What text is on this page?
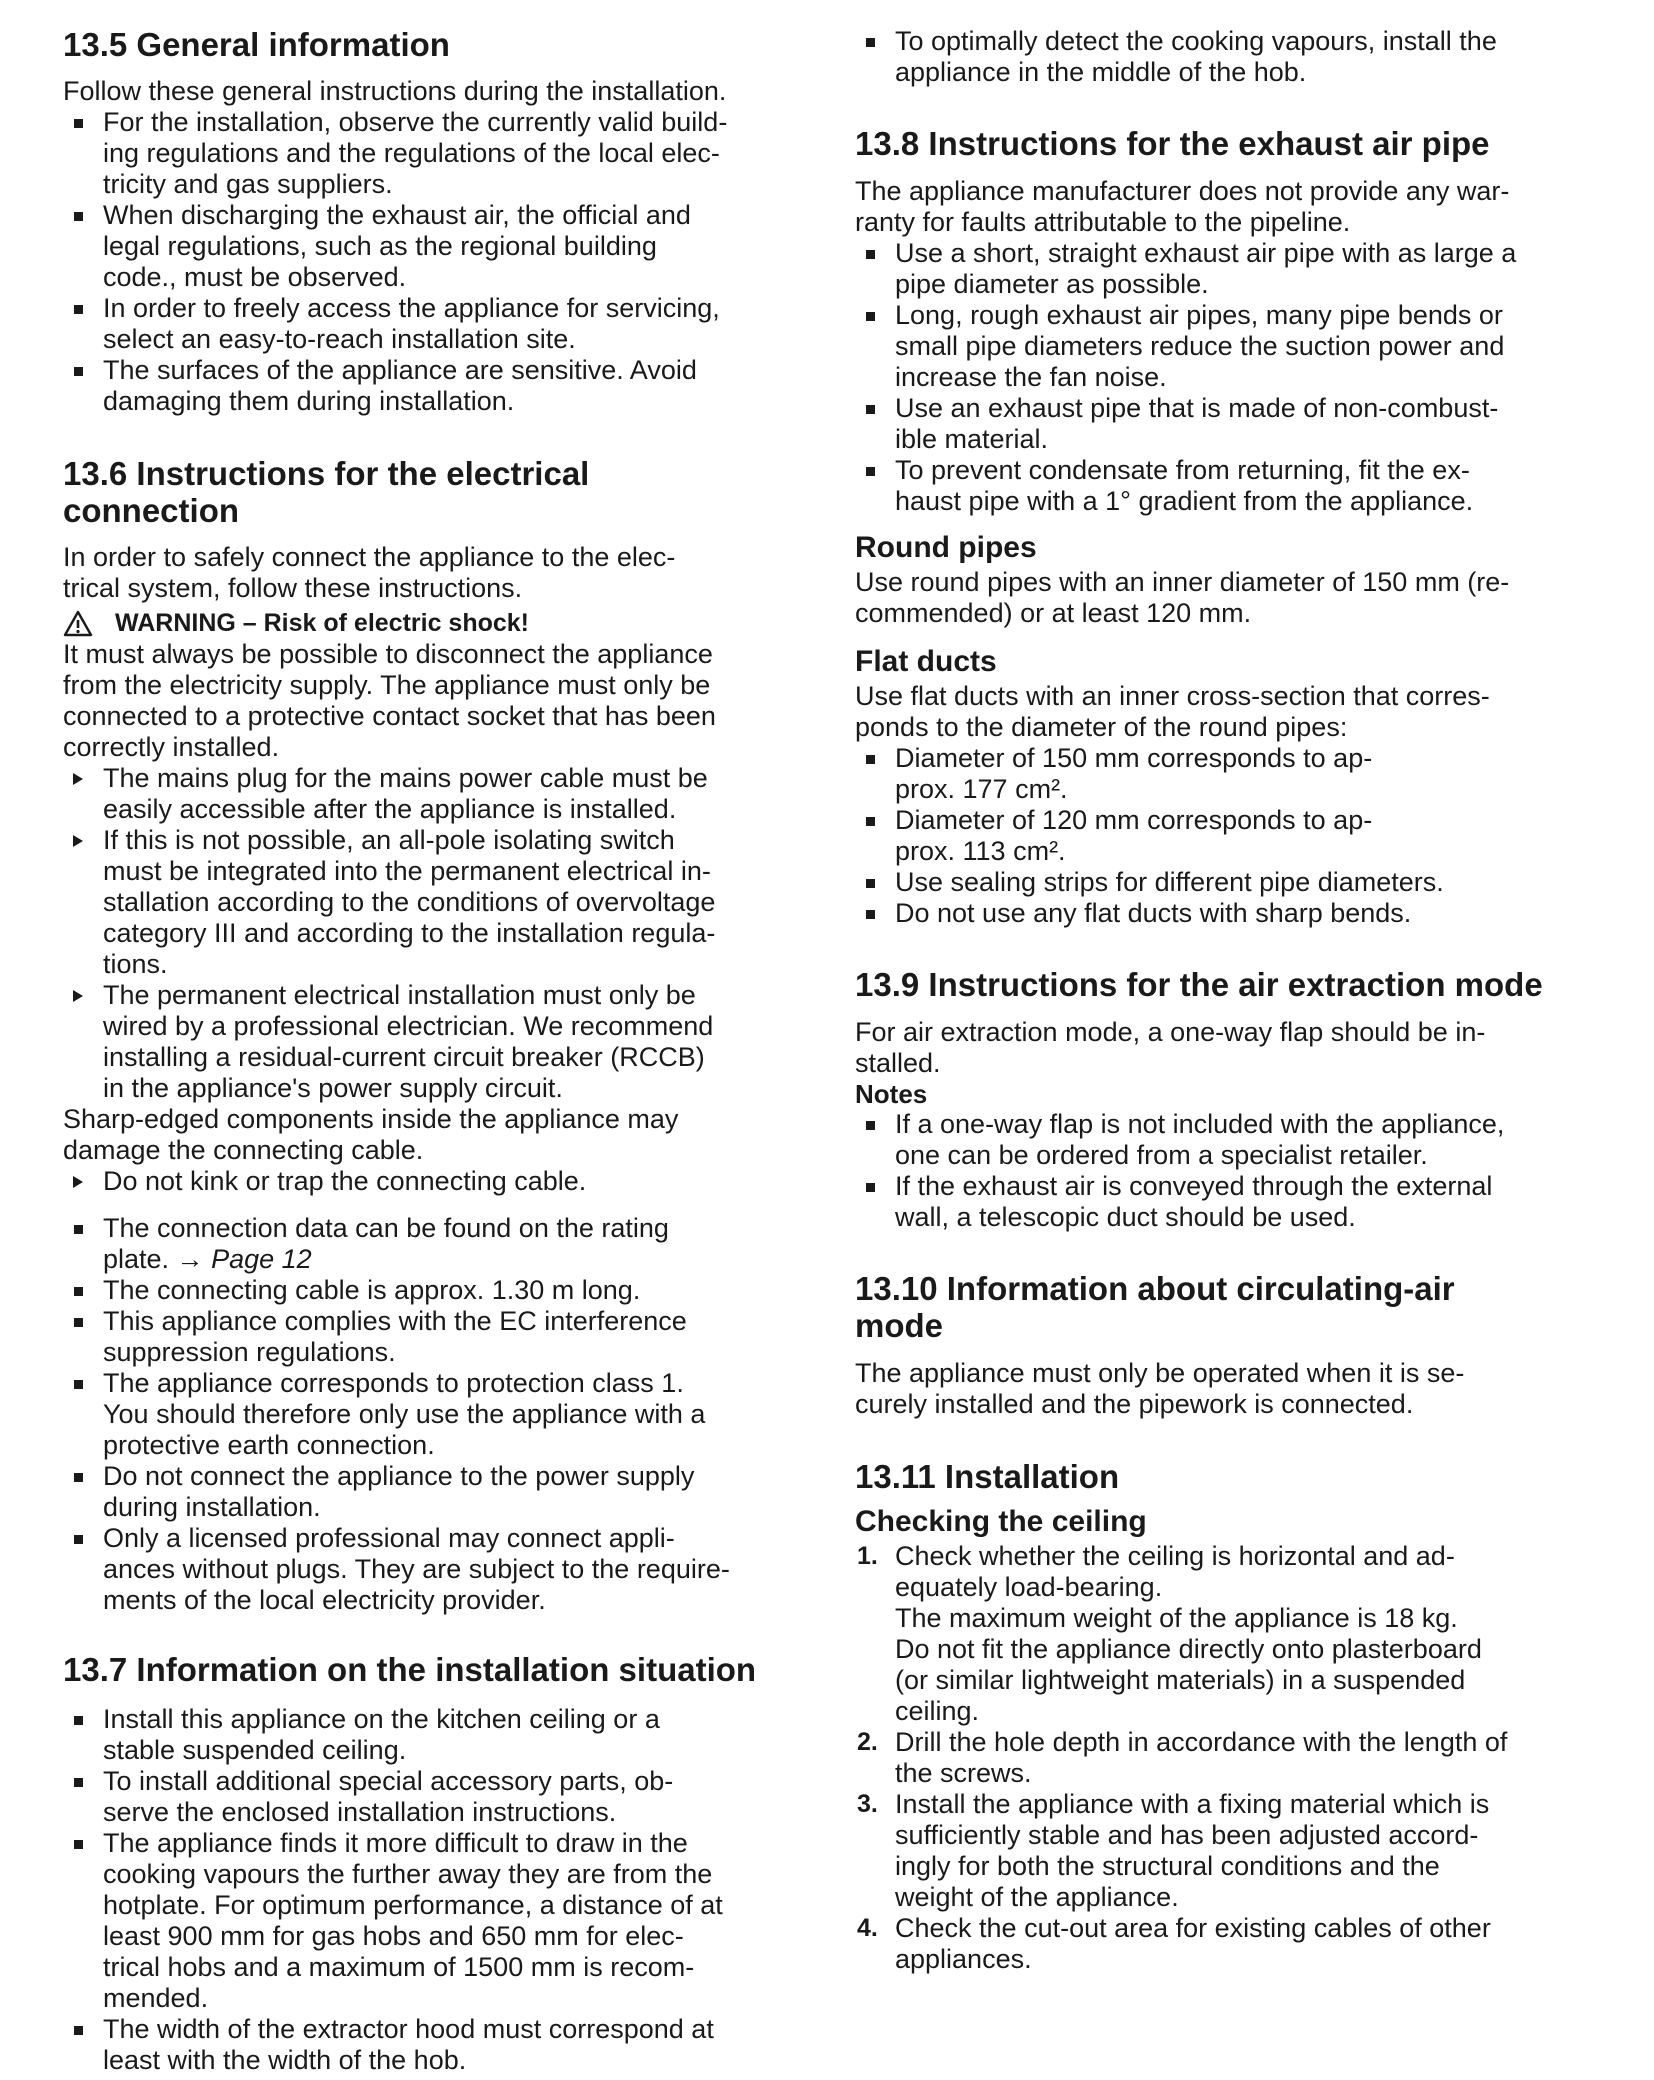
13.5 General information
Follow these general instructions during the installation.
For the installation, observe the currently valid build-
ing regulations and the regulations of the local elec-
tricity and gas suppliers.
When discharging the exhaust air, the official and
legal regulations, such as the regional building
code., must be observed.
In order to freely access the appliance for servicing,
select an easy-to-reach installation site.
The surfaces of the appliance are sensitive. Avoid
damaging them during installation.
13.6 Instructions for the electrical
connection
In order to safely connect the appliance to the elec-
trical system, follow these instructions.
WARNING – Risk of electric shock!
It must always be possible to disconnect the appliance
from the electricity supply. The appliance must only be
connected to a protective contact socket that has been
correctly installed.
The mains plug for the mains power cable must be
easily accessible after the appliance is installed.
If this is not possible, an all-pole isolating switch
must be integrated into the permanent electrical in-
stallation according to the conditions of overvoltage
category III and according to the installation regula-
tions.
The permanent electrical installation must only be
wired by a professional electrician. We recommend
installing a residual-current circuit breaker (RCCB)
in the appliance's power supply circuit.
Sharp-edged components inside the appliance may
damage the connecting cable.
Do not kink or trap the connecting cable.
The connection data can be found on the rating
plate. → Page 12
The connecting cable is approx. 1.30 m long.
This appliance complies with the EC interference
suppression regulations.
The appliance corresponds to protection class 1.
You should therefore only use the appliance with a
protective earth connection.
Do not connect the appliance to the power supply
during installation.
Only a licensed professional may connect appli-
ances without plugs. They are subject to the require-
ments of the local electricity provider.
13.7 Information on the installation situation
Install this appliance on the kitchen ceiling or a
stable suspended ceiling.
To install additional special accessory parts, ob-
serve the enclosed installation instructions.
The appliance finds it more difficult to draw in the
cooking vapours the further away they are from the
hotplate. For optimum performance, a distance of at
least 900 mm for gas hobs and 650 mm for elec-
trical hobs and a maximum of 1500 mm is recom-
mended.
The width of the extractor hood must correspond at
least with the width of the hob.
To optimally detect the cooking vapours, install the
appliance in the middle of the hob.
13.8 Instructions for the exhaust air pipe
The appliance manufacturer does not provide any war-
ranty for faults attributable to the pipeline.
Use a short, straight exhaust air pipe with as large a
pipe diameter as possible.
Long, rough exhaust air pipes, many pipe bends or
small pipe diameters reduce the suction power and
increase the fan noise.
Use an exhaust pipe that is made of non-combust-
ible material.
To prevent condensate from returning, fit the ex-
haust pipe with a 1° gradient from the appliance.
Round pipes
Use round pipes with an inner diameter of 150 mm (re-
commended) or at least 120 mm.
Flat ducts
Use flat ducts with an inner cross-section that corres-
ponds to the diameter of the round pipes:
Diameter of 150 mm corresponds to ap-
prox. 177 cm².
Diameter of 120 mm corresponds to ap-
prox. 113 cm².
Use sealing strips for different pipe diameters.
Do not use any flat ducts with sharp bends.
13.9 Instructions for the air extraction mode
For air extraction mode, a one-way flap should be in-
stalled.
Notes
If a one-way flap is not included with the appliance,
one can be ordered from a specialist retailer.
If the exhaust air is conveyed through the external
wall, a telescopic duct should be used.
13.10 Information about circulating-air
mode
The appliance must only be operated when it is se-
curely installed and the pipework is connected.
13.11 Installation
Checking the ceiling
1. Check whether the ceiling is horizontal and ad-
equately load-bearing.
The maximum weight of the appliance is 18 kg.
Do not fit the appliance directly onto plasterboard
(or similar lightweight materials) in a suspended
ceiling.
2. Drill the hole depth in accordance with the length of
the screws.
3. Install the appliance with a fixing material which is
sufficiently stable and has been adjusted accord-
ingly for both the structural conditions and the
weight of the appliance.
4. Check the cut-out area for existing cables of other
appliances.
